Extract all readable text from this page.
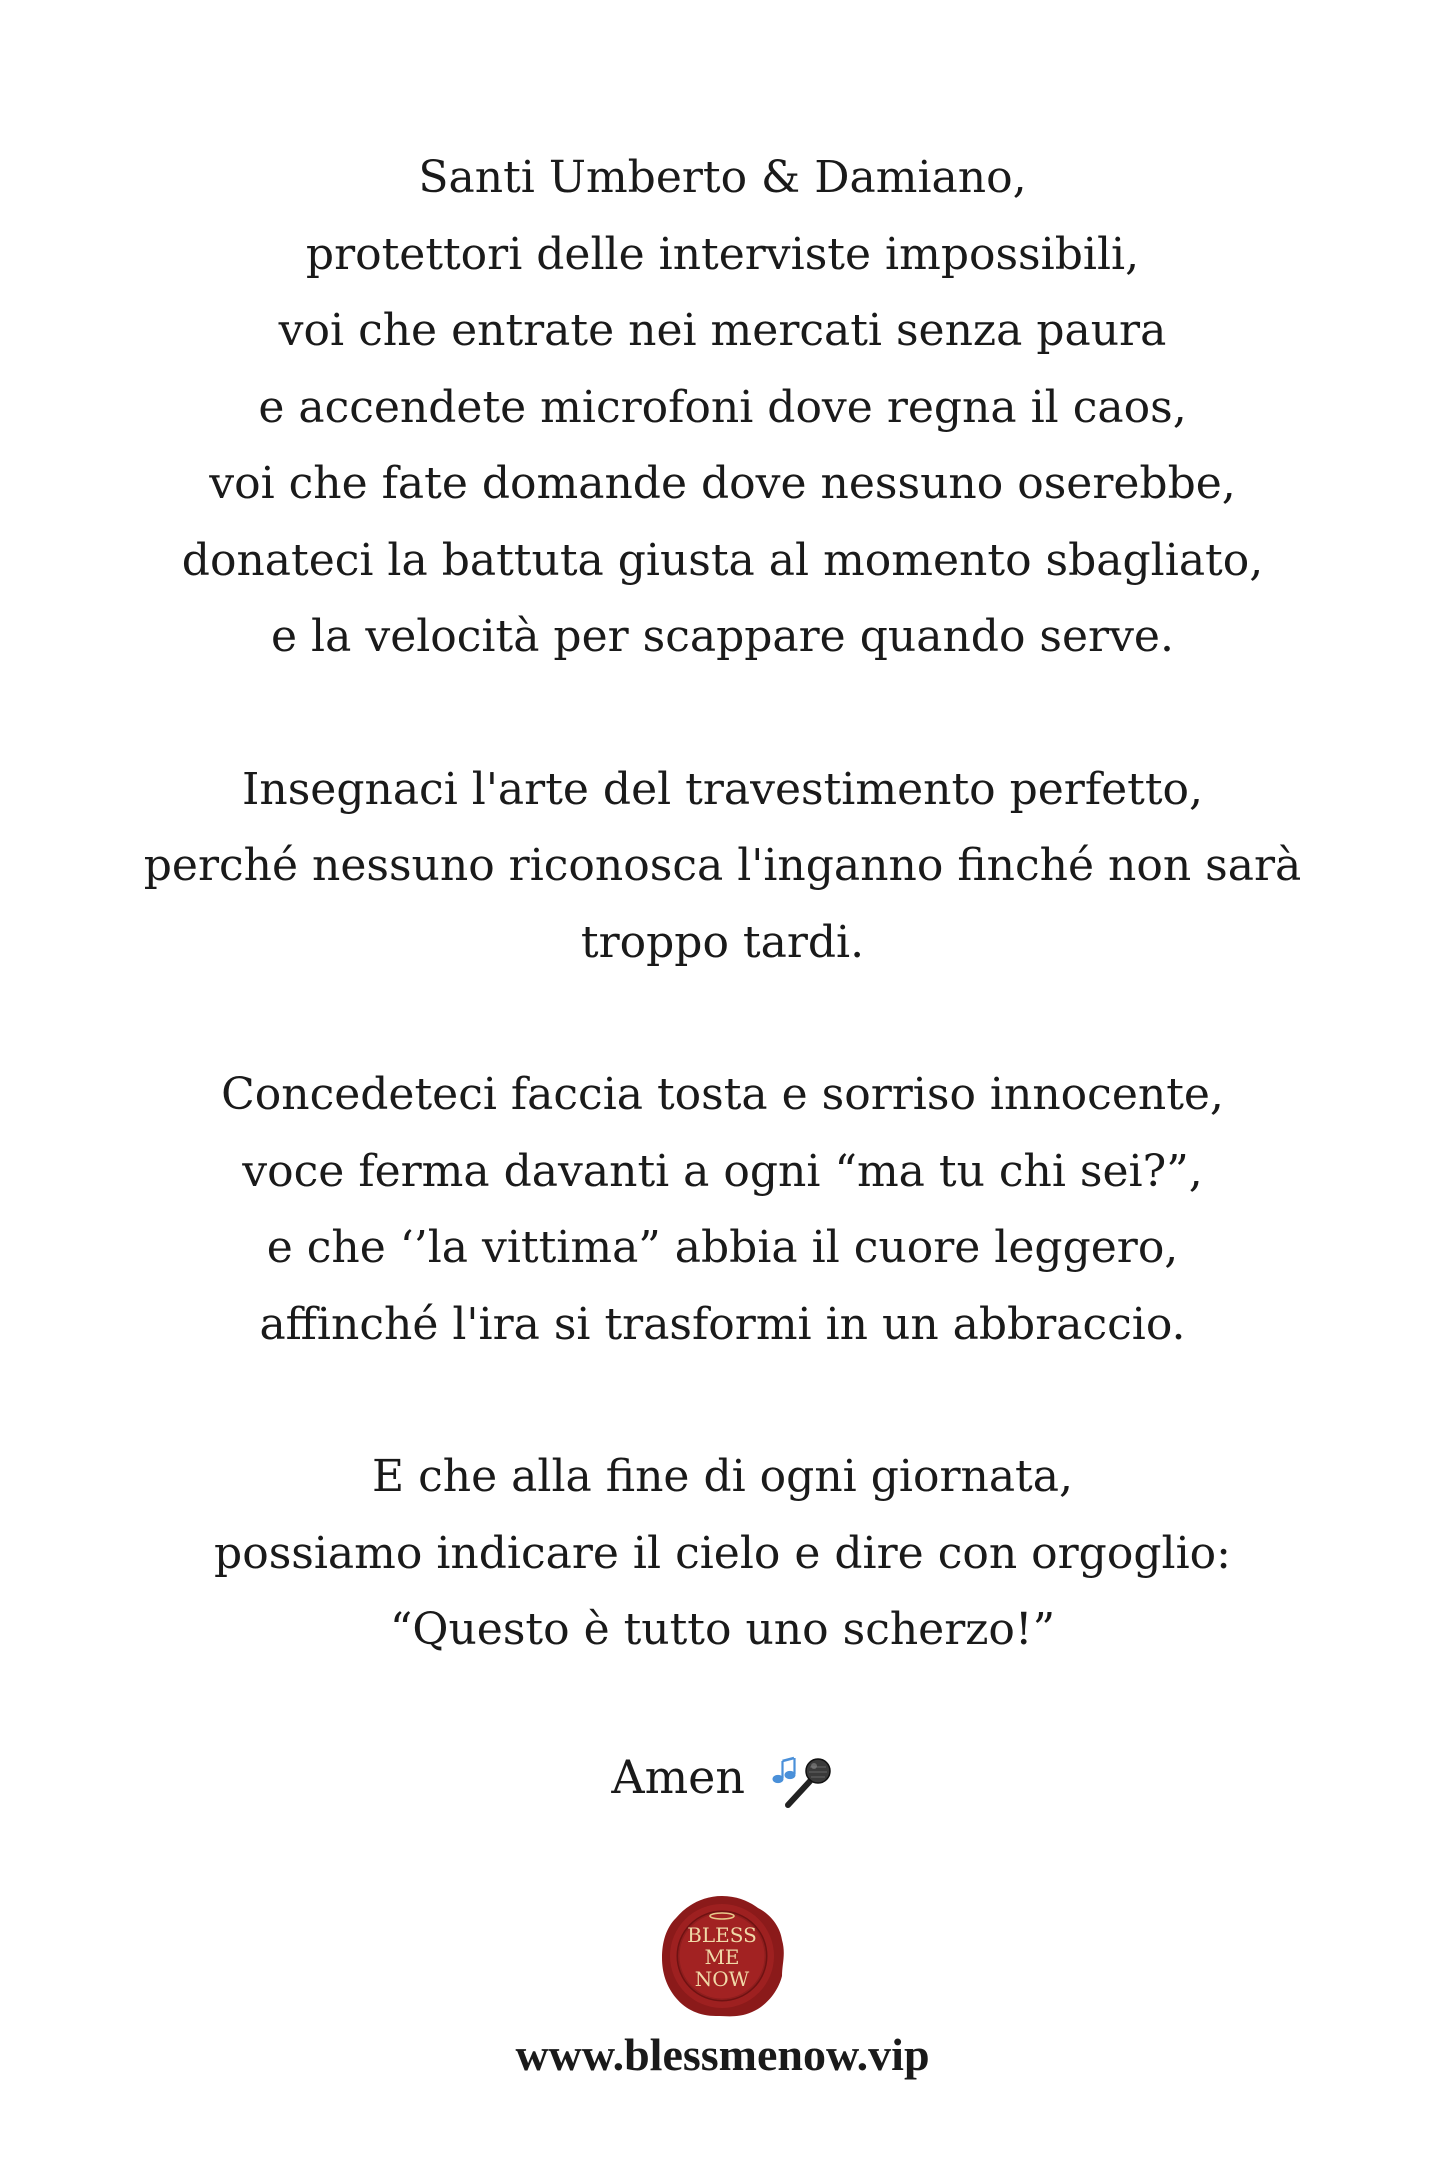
Santi Umberto & Damiano,
protettori delle interviste impossibili,
voi che entrate nei mercati senza paura
e accendete microfoni dove regna il caos,
voi che fate domande dove nessuno oserebbe,
donateci la battuta giusta al momento sbagliato,
e la velocità per scappare quando serve.
Insegnaci l'arte del travestimento perfetto,
perché nessuno riconosca l'inganno finché non sarà
troppo tardi.
Concedeteci faccia tosta e sorriso innocente,
voce ferma davanti a ogni “ma tu chi sei?”,
e che ‘’la vittima” abbia il cuore leggero,
affinché l'ira si trasformi in un abbraccio.
E che alla fine di ogni giornata,
possiamo indicare il cielo e dire con orgoglio:
“Questo è tutto uno scherzo!”
Amen
BLESS
ME
NOW
www.blessmenow.vip
